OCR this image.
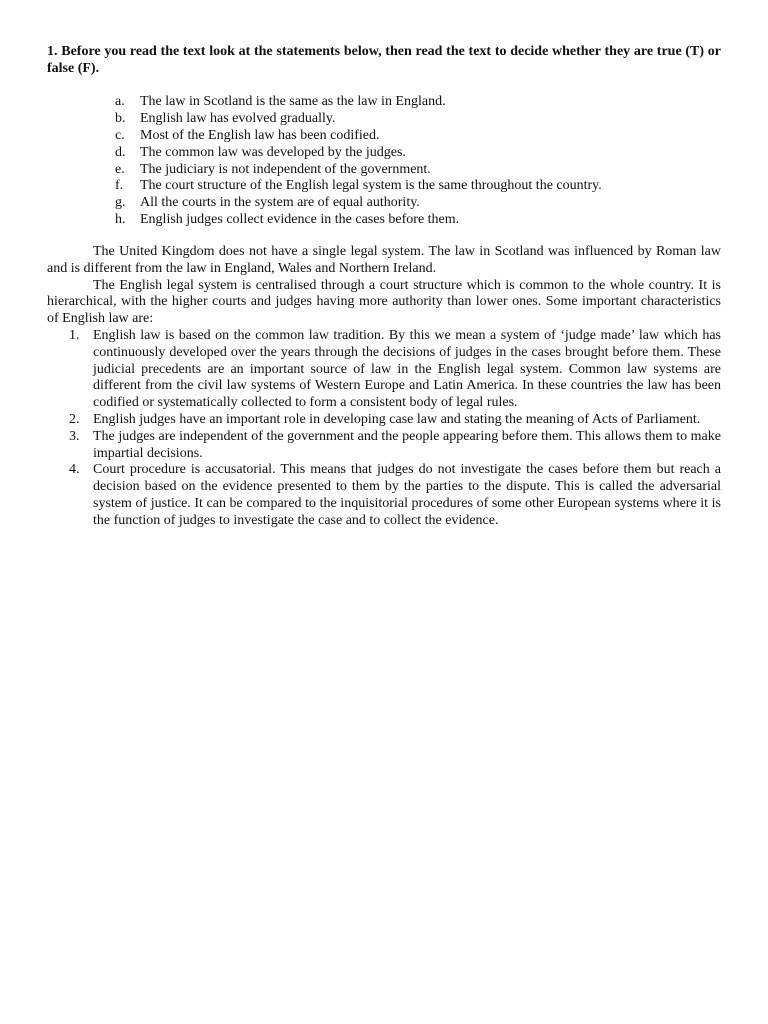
1. Before you read the text look at the statements below, then read the text to decide whether they are true (T) or false (F).

a.	The law in Scotland is the same as the law in England.
b.	English law has evolved gradually.
c.	Most of the English law has been codified.
d.	The common law was developed by the judges.
e.	The judiciary is not independent of the government.
f.	The court structure of the English legal system is the same throughout the country.
g.	All the courts in the system are of equal authority.
h.	English judges collect evidence in the cases before them.

The United Kingdom does not have a single legal system. The law in Scotland was influenced by Roman law and is different from the law in England, Wales and Northern Ireland.

The English legal system is centralised through a court structure which is common to the whole country. It is hierarchical, with the higher courts and judges having more authority than lower ones. Some important characteristics of English law are:

1. English law is based on the common law tradition. By this we mean a system of ‘judge made’ law which has continuously developed over the years through the decisions of judges in the cases brought before them. These judicial precedents are an important source of law in the English legal system. Common law systems are different from the civil law systems of Western Europe and Latin America. In these countries the law has been codified or systematically collected to form a consistent body of legal rules.
2. English judges have an important role in developing case law and stating the meaning of Acts of Parliament.
3. The judges are independent of the government and the people appearing before them. This allows them to make impartial decisions.
4. Court procedure is accusatorial. This means that judges do not investigate the cases before them but reach a decision based on the evidence presented to them by the parties to the dispute. This is called the adversarial system of justice. It can be compared to the inquisitorial procedures of some other European systems where it is the function of judges to investigate the case and to collect the evidence.
